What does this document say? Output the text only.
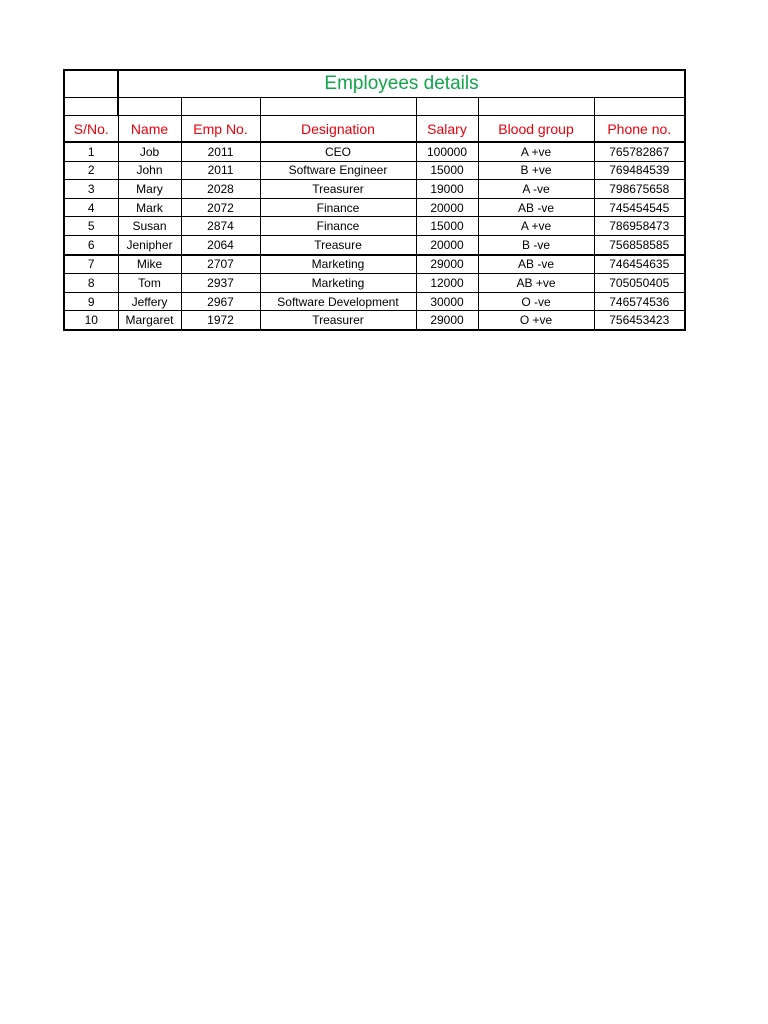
	Employees details					

S/No.	Name	Emp No.	Designation	Salary	Blood group	Phone no.
1	Job	2011	CEO	100000	A +ve	765782867
2	John	2011	Software Engineer	15000	B +ve	769484539
3	Mary	2028	Treasurer	19000	A -ve	798675658
4	Mark	2072	Finance	20000	AB -ve	745454545
5	Susan	2874	Finance	15000	A +ve	786958473
6	Jenipher	2064	Treasure	20000	B -ve	756858585
7	Mike	2707	Marketing	29000	AB -ve	746454635
8	Tom	2937	Marketing	12000	AB +ve	705050405
9	Jeffery	2967	Software Development	30000	O -ve	746574536
10	Margaret	1972	Treasurer	29000	O +ve	756453423
